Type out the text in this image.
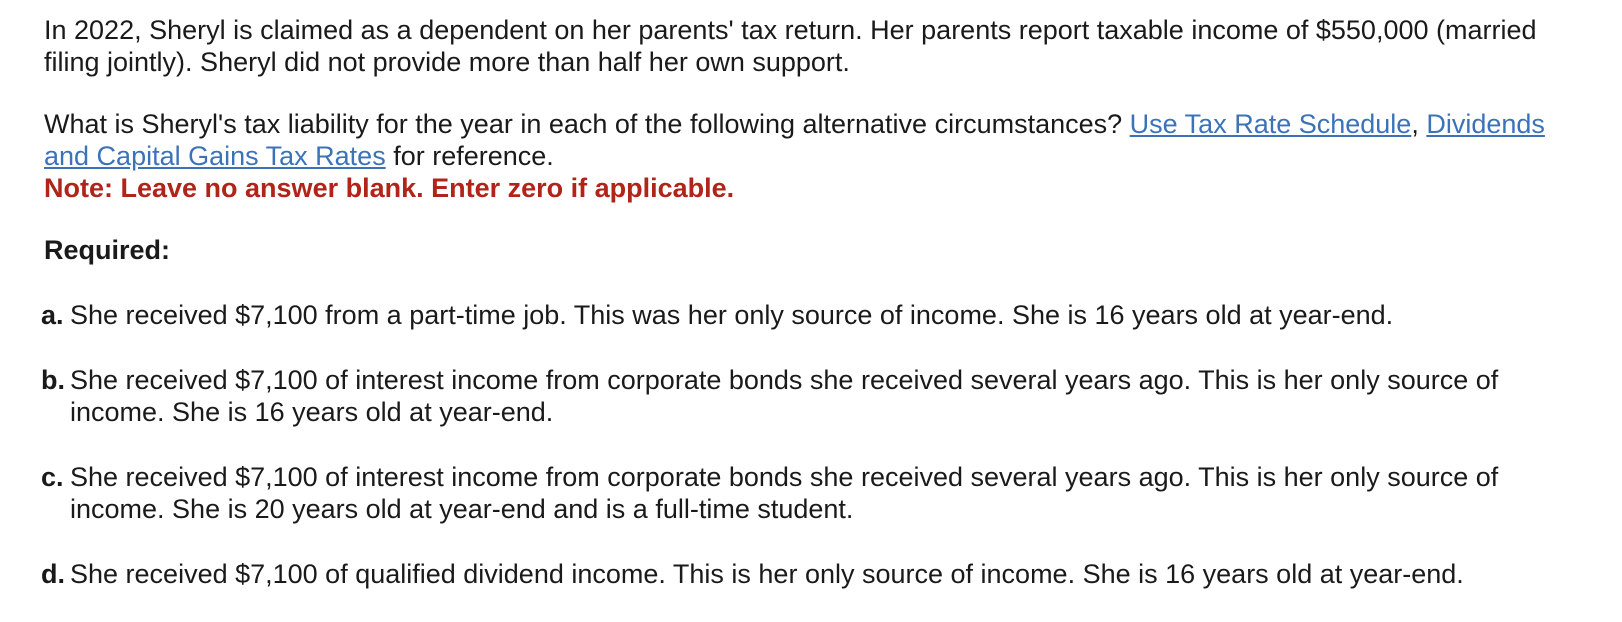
In 2022, Sheryl is claimed as a dependent on her parents' tax return. Her parents report taxable income of $550,000 (married filing jointly). Sheryl did not provide more than half her own support.

What is Sheryl's tax liability for the year in each of the following alternative circumstances? Use Tax Rate Schedule, Dividends and Capital Gains Tax Rates for reference.

Note: Leave no answer blank. Enter zero if applicable.

Required:

a. She received $7,100 from a part-time job. This was her only source of income. She is 16 years old at year-end.
b. She received $7,100 of interest income from corporate bonds she received several years ago. This is her only source of income. She is 16 years old at year-end.
c. She received $7,100 of interest income from corporate bonds she received several years ago. This is her only source of income. She is 20 years old at year-end and is a full-time student.
d. She received $7,100 of qualified dividend income. This is her only source of income. She is 16 years old at year-end.
